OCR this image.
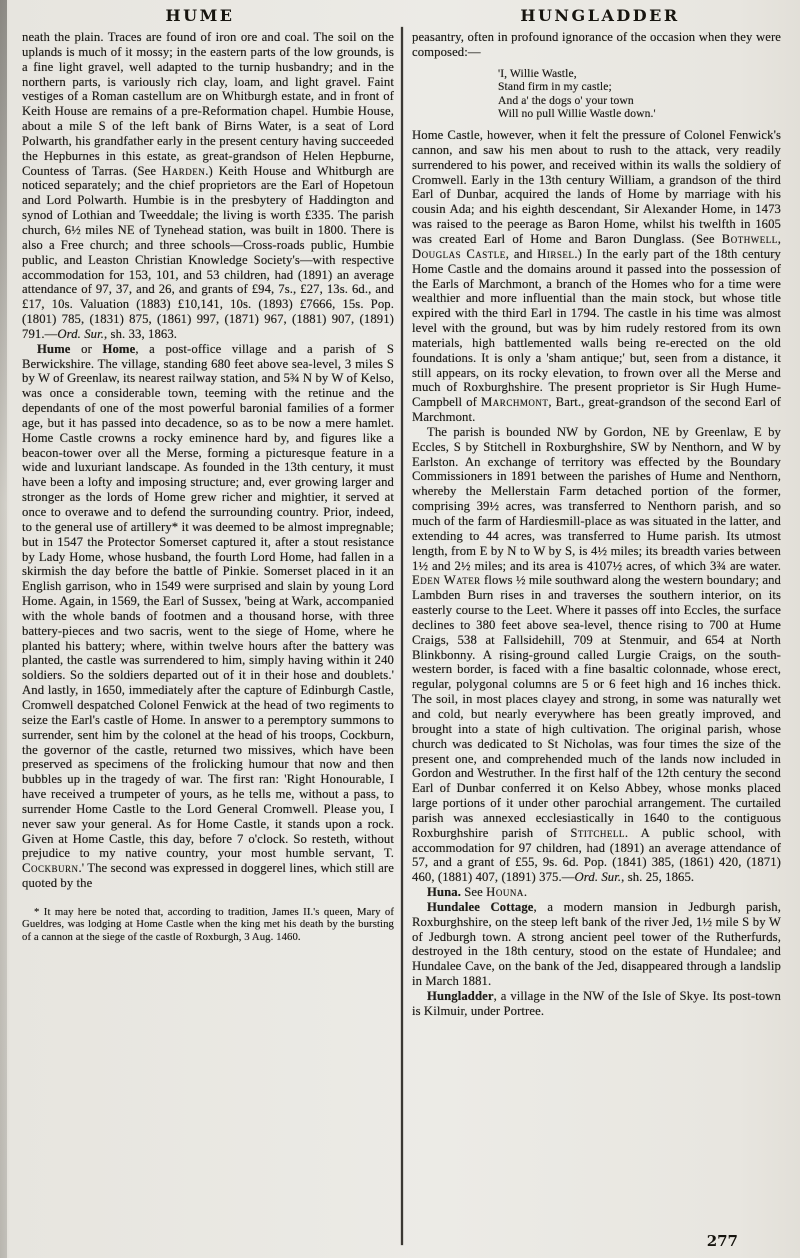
HUME	HUNGLADDER

neath the plain. Traces are found of iron ore and coal. The soil on the uplands is much of it mossy; in the eastern parts of the low grounds, is a fine light gravel, well adapted to the turnip husbandry; and in the northern parts, is variously rich clay, loam, and light gravel. Faint vestiges of a Roman castellum are on Whitburgh estate, and in front of Keith House are remains of a pre-Reformation chapel. Humbie House, about a mile S of the left bank of Birns Water, is a seat of Lord Polwarth, his grandfather early in the present century having succeeded the Hepburnes in this estate, as great-grandson of Helen Hepburne, Countess of Tarras. (See Harden.) Keith House and Whitburgh are noticed separately; and the chief proprietors are the Earl of Hopetoun and Lord Polwarth. Humbie is in the presbytery of Haddington and synod of Lothian and Tweeddale; the living is worth £335. The parish church, 6½ miles NE of Tynehead station, was built in 1800. There is also a Free church; and three schools—Cross-roads public, Humbie public, and Leaston Christian Knowledge Society's—with respective accommodation for 153, 101, and 53 children, had (1891) an average attendance of 97, 37, and 26, and grants of £94, 7s., £27, 13s. 6d., and £17, 10s. Valuation (1883) £10,141, 10s. (1893) £7666, 15s. Pop. (1801) 785, (1831) 875, (1861) 997, (1871) 967, (1881) 907, (1891) 791.—Ord. Sur., sh. 33, 1863.

Hume or Home, a post-office village and a parish of S Berwickshire. The village, standing 680 feet above sea-level, 3 miles S by W of Greenlaw, its nearest railway station, and 5¾ N by W of Kelso, was once a considerable town, teeming with the retinue and the dependants of one of the most powerful baronial families of a former age, but it has passed into decadence, so as to be now a mere hamlet. Home Castle crowns a rocky eminence hard by, and figures like a beacon-tower over all the Merse, forming a picturesque feature in a wide and luxuriant landscape. As founded in the 13th century, it must have been a lofty and imposing structure; and, ever growing larger and stronger as the lords of Home grew richer and mightier, it served at once to overawe and to defend the surrounding country. Prior, indeed, to the general use of artillery* it was deemed to be almost impregnable; but in 1547 the Protector Somerset captured it, after a stout resistance by Lady Home, whose husband, the fourth Lord Home, had fallen in a skirmish the day before the battle of Pinkie. Somerset placed in it an English garrison, who in 1549 were surprised and slain by young Lord Home. Again, in 1569, the Earl of Sussex, 'being at Wark, accompanied with the whole bands of footmen and a thousand horse, with three battery-pieces and two sacris, went to the siege of Home, where he planted his battery; where, within twelve hours after the battery was planted, the castle was surrendered to him, simply having within it 240 soldiers. So the soldiers departed out of it in their hose and doublets.' And lastly, in 1650, immediately after the capture of Edinburgh Castle, Cromwell despatched Colonel Fenwick at the head of two regiments to seize the Earl's castle of Home. In answer to a peremptory summons to surrender, sent him by the colonel at the head of his troops, Cockburn, the governor of the castle, returned two missives, which have been preserved as specimens of the frolicking humour that now and then bubbles up in the tragedy of war. The first ran: 'Right Honourable, I have received a trumpeter of yours, as he tells me, without a pass, to surrender Home Castle to the Lord General Cromwell. Please you, I never saw your general. As for Home Castle, it stands upon a rock. Given at Home Castle, this day, before 7 o'clock. So resteth, without prejudice to my native country, your most humble servant, T. Cockburn.' The second was expressed in doggerel lines, which still are quoted by the

* It may here be noted that, according to tradition, James II.'s queen, Mary of Gueldres, was lodging at Home Castle when the king met his death by the bursting of a cannon at the siege of the castle of Roxburgh, 3 Aug. 1460.

peasantry, often in profound ignorance of the occasion when they were composed:—

'I, Willie Wastle,

Stand firm in my castle;

And a' the dogs o' your town

Will no pull Willie Wastle down.'

Home Castle, however, when it felt the pressure of Colonel Fenwick's cannon, and saw his men about to rush to the attack, very readily surrendered to his power, and received within its walls the soldiery of Cromwell. Early in the 13th century William, a grandson of the third Earl of Dunbar, acquired the lands of Home by marriage with his cousin Ada; and his eighth descendant, Sir Alexander Home, in 1473 was raised to the peerage as Baron Home, whilst his twelfth in 1605 was created Earl of Home and Baron Dunglass. (See Bothwell, Douglas Castle, and Hirsel.) In the early part of the 18th century Home Castle and the domains around it passed into the possession of the Earls of Marchmont, a branch of the Homes who for a time were wealthier and more influential than the main stock, but whose title expired with the third Earl in 1794. The castle in his time was almost level with the ground, but was by him rudely restored from its own materials, high battlemented walls being re-erected on the old foundations. It is only a 'sham antique;' but, seen from a distance, it still appears, on its rocky elevation, to frown over all the Merse and much of Roxburghshire. The present proprietor is Sir Hugh Hume-Campbell of Marchmont, Bart., great-grandson of the second Earl of Marchmont.

The parish is bounded NW by Gordon, NE by Greenlaw, E by Eccles, S by Stitchell in Roxburghshire, SW by Nenthorn, and W by Earlston. An exchange of territory was effected by the Boundary Commissioners in 1891 between the parishes of Hume and Nenthorn, whereby the Mellerstain Farm detached portion of the former, comprising 39½ acres, was transferred to Nenthorn parish, and so much of the farm of Hardiesmill-place as was situated in the latter, and extending to 44 acres, was transferred to Hume parish. Its utmost length, from E by N to W by S, is 4½ miles; its breadth varies between 1½ and 2½ miles; and its area is 4107½ acres, of which 3¾ are water. Eden Water flows ½ mile southward along the western boundary; and Lambden Burn rises in and traverses the southern interior, on its easterly course to the Leet. Where it passes off into Eccles, the surface declines to 380 feet above sea-level, thence rising to 700 at Hume Craigs, 538 at Fallsidehill, 709 at Stenmuir, and 654 at North Blinkbonny. A rising-ground called Lurgie Craigs, on the south-western border, is faced with a fine basaltic colonnade, whose erect, regular, polygonal columns are 5 or 6 feet high and 16 inches thick. The soil, in most places clayey and strong, in some was naturally wet and cold, but nearly everywhere has been greatly improved, and brought into a state of high cultivation. The original parish, whose church was dedicated to St Nicholas, was four times the size of the present one, and comprehended much of the lands now included in Gordon and Westruther. In the first half of the 12th century the second Earl of Dunbar conferred it on Kelso Abbey, whose monks placed large portions of it under other parochial arrangement. The curtailed parish was annexed ecclesiastically in 1640 to the contiguous Roxburghshire parish of Stitchell. A public school, with accommodation for 97 children, had (1891) an average attendance of 57, and a grant of £55, 9s. 6d. Pop. (1841) 385, (1861) 420, (1871) 460, (1881) 407, (1891) 375.—Ord. Sur., sh. 25, 1865.

Huna. See Houna.

Hundalee Cottage, a modern mansion in Jedburgh parish, Roxburghshire, on the steep left bank of the river Jed, 1½ mile S by W of Jedburgh town. A strong ancient peel tower of the Rutherfurds, destroyed in the 18th century, stood on the estate of Hundalee; and Hundalee Cave, on the bank of the Jed, disappeared through a landslip in March 1881.

Hungladder, a village in the NW of the Isle of Skye. Its post-town is Kilmuir, under Portree.

277
